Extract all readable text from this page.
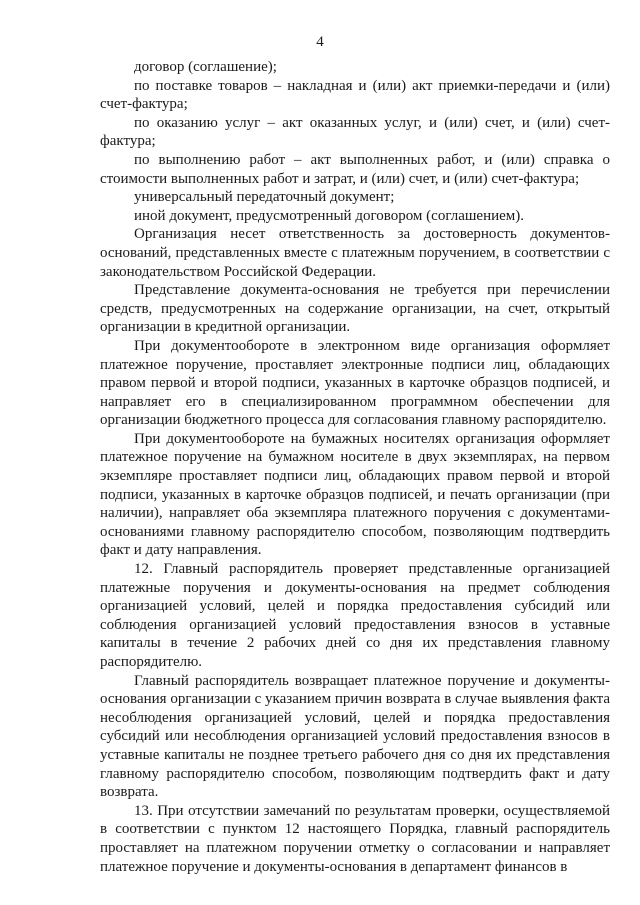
4

договор (соглашение);

по поставке товаров – накладная и (или) акт приемки-передачи и (или) счет-фактура;

по оказанию услуг – акт оказанных услуг, и (или) счет, и (или) счет-фактура;

по выполнению работ – акт выполненных работ, и (или) справка о стоимости выполненных работ и затрат, и (или) счет, и (или) счет-фактура;

универсальный передаточный документ;

иной документ, предусмотренный договором (соглашением).

Организация несет ответственность за достоверность документов-оснований, представленных вместе с платежным поручением, в соответствии с законодательством Российской Федерации.

Представление документа-основания не требуется при перечислении средств, предусмотренных на содержание организации, на счет, открытый организации в кредитной организации.

При документообороте в электронном виде организация оформляет платежное поручение, проставляет электронные подписи лиц, обладающих правом первой и второй подписи, указанных в карточке образцов подписей, и направляет его в специализированном программном обеспечении для организации бюджетного процесса для согласования главному распорядителю.

При документообороте на бумажных носителях организация оформляет платежное поручение на бумажном носителе в двух экземплярах, на первом экземпляре проставляет подписи лиц, обладающих правом первой и второй подписи, указанных в карточке образцов подписей, и печать организации (при наличии), направляет оба экземпляра платежного поручения с документами-основаниями главному распорядителю способом, позволяющим подтвердить факт и дату направления.

12. Главный распорядитель проверяет представленные организацией платежные поручения и документы-основания на предмет соблюдения организацией условий, целей и порядка предоставления субсидий или соблюдения организацией условий предоставления взносов в уставные капиталы в течение 2 рабочих дней со дня их представления главному распорядителю.

Главный распорядитель возвращает платежное поручение и документы-основания организации с указанием причин возврата в случае выявления факта несоблюдения организацией условий, целей и порядка предоставления субсидий или несоблюдения организацией условий предоставления взносов в уставные капиталы не позднее третьего рабочего дня со дня их представления главному распорядителю способом, позволяющим подтвердить факт и дату возврата.

13. При отсутствии замечаний по результатам проверки, осуществляемой в соответствии с пунктом 12 настоящего Порядка, главный распорядитель проставляет на платежном поручении отметку о согласовании и направляет платежное поручение и документы-основания в департамент финансов в
